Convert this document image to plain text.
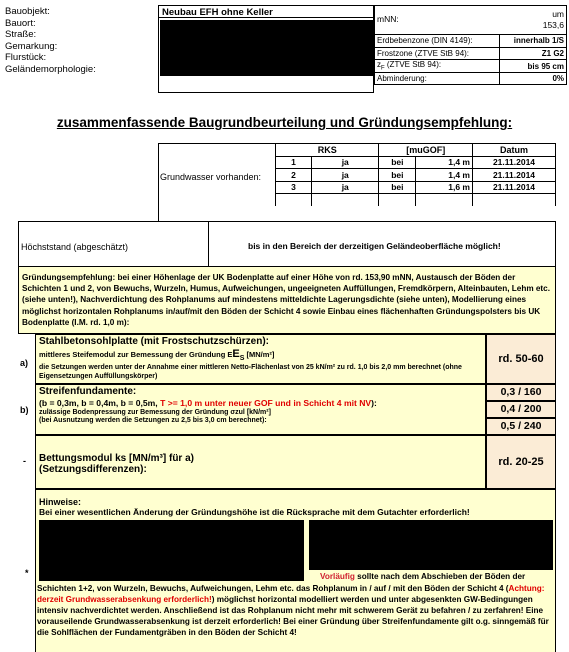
Bauobjekt:
Bauort:
Straße:
Gemarkung:
Flurstück:
Geländemorphologie:
Neubau EFH ohne Keller
mNN:	um
153,6
Erdbebenzone (DIN 4149):	innerhalb 1/S
Frostzone (ZTVE StB 94):	Z1 G2
$z_F$ (ZTVE StB 94):	bis 95 cm
Abminderung:	0%
zusammenfassende Baugrundbeurteilung und Gründungsempfehlung:
Grundwasser vorhanden:
RKS		[muGOF]		Datum
1	ja	bei	1,4 m	21.11.2014
2	ja	bei	1,4 m	21.11.2014
3	ja	bei	1,6 m	21.11.2014

Höchststand (abgeschätzt)	bis in den Bereich der derzeitigen Geländeoberfläche möglich!
Gründungsempfehlung: bei einer Höhenlage der UK Bodenplatte auf einer Höhe von rd. 153,90 mNN, Austausch der Böden der Schichten 1 und 2, von Bewuchs, Wurzeln, Humus, Aufweichungen, ungeeigneten Auffüllungen, Fremdkörpern, Alteinbauten, Lehm etc. (siehe unten!), Nachverdichtung des Rohplanums auf mindestens mitteldichte Lagerungsdichte (siehe unten), Modellierung eines möglichst horizontalen Rohplanums in/auf/mit den Böden der Schicht 4 sowie Einbau eines flächenhaften Gründungspolsters bis UK Bodenplatte (I.M. rd. 1,0 m):
a)
Stahlbetonsohlplatte (mit Frostschutzschürzen):
mittleres Steifemodul zur Bemessung der Gründung $EE_S$ [MN/m²]
die Setzungen werden unter der Annahme einer mittleren Netto-Flächenlast von 25 kN/m² zu rd. 1,0 bis 2,0 mm berechnet (ohne Eigensetzungen Auffüllungskörper)
rd. 50-60
b)
Streifenfundamente:
(b = 0,3m, b = 0,4m, b = 0,5m, T >= 1,0 m unter neuer GOF und in Schicht 4 mit NV):
zulässige Bodenpressung zur Bemessung der Gründung σzul [kN/m²]
(bei Ausnutzung werden die Setzungen zu 2,5 bis 3,0 cm berechnet):
0,3 / 160
0,4 / 200
0,5 / 240
-	Bettungsmodul ks [MN/m³] für a)
(Setzungsdifferenzen):
rd. 20-25
*
Hinweise:
Bei einer wesentlichen Änderung der Gründungshöhe ist die Rücksprache mit dem Gutachter erforderlich!
Vorläufig sollte nach dem Abschieben der Böden der
Schichten 1+2, von Wurzeln, Bewuchs, Aufweichungen, Lehm etc. das Rohplanum in / auf / mit den Böden der Schicht 4 (Achtung: derzeit Grundwasserabsenkung erforderlich!) möglichst horizontal modelliert werden und unter abgesenkten GW-Bedingungen intensiv nachverdichtet werden. Anschließend ist das Rohplanum nicht mehr mit schwerem Gerät zu befahren / zu zerfahren! Eine vorauseilende Grundwasserabsenkung ist derzeit erforderlich! Bei einer Gründung über Streifenfundamente gilt o.g. sinngemäß für die Sohlflächen der Fundamentgräben in den Böden der Schicht 4!
